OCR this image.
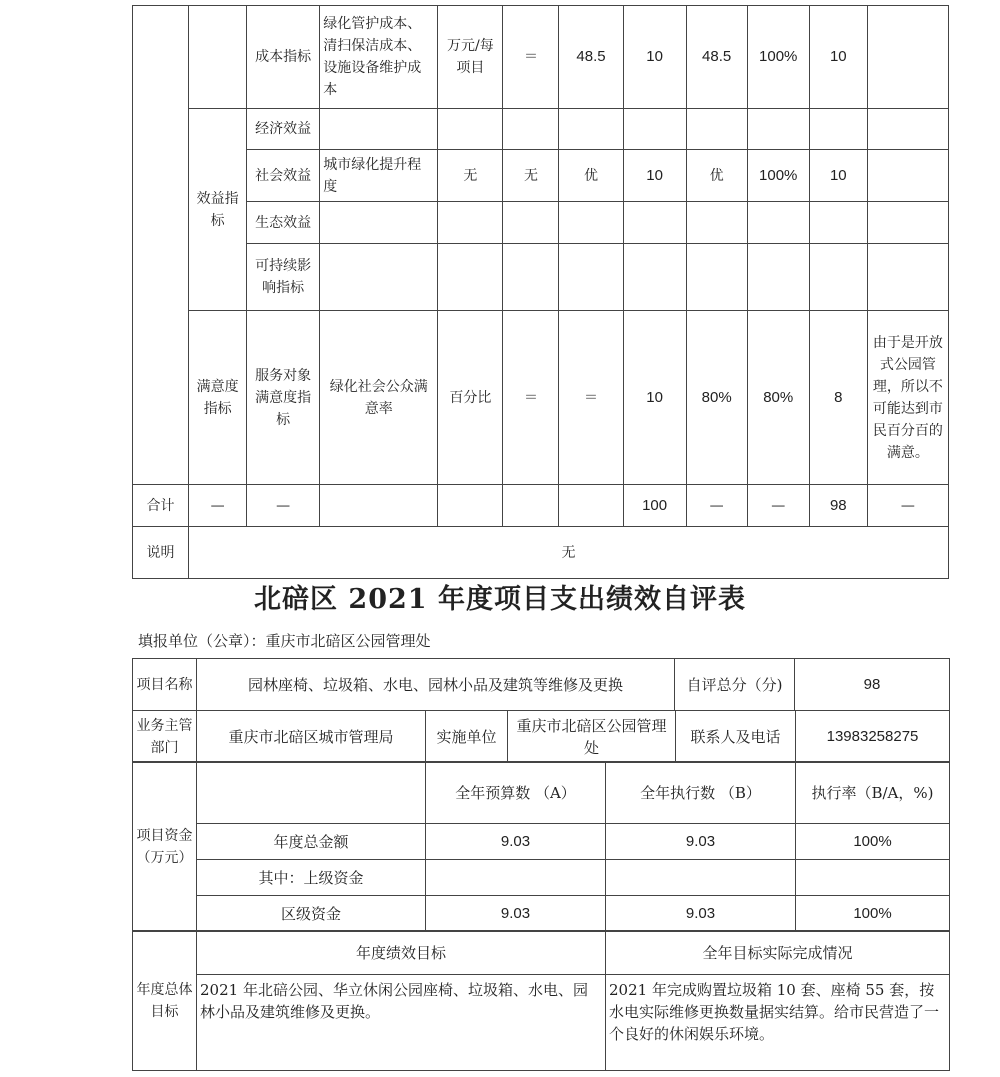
		成本指标	绿化管护成本、清扫保洁成本、设施设备维护成本	万元/每项目	＝	48.5	10	48.5	100%	10	
	效益指标	经济效益									
		社会效益	城市绿化提升程度	无	无	优	10	优	100%	10	
		生态效益									
		可持续影响指标									
	满意度指标	服务对象满意度指标	绿化社会公众满意率	百分比	＝	＝	10	80%	80%	8	由于是开放式公园管理，所以不可能达到市民百分百的满意。
合计	—	—					100	—	—	98	—
说明	无										
北碚区 2021 年度项目支出绩效自评表
填报单位（公章）：重庆市北碚区公园管理处
项目名称	园林座椅、垃圾箱、水电、园林小品及建筑等维修及更换	自评总分（分)	98
业务主管部门	重庆市北碚区城市管理局	实施单位	重庆市北碚区公园管理处	联系人及电话	13983258275
项目资金（万元）		全年预算数 （A）	全年执行数 （B）	执行率（B/A，%)
	年度总金额	9.03	9.03	100%
	其中：上级资金			
	区级资金	9.03	9.03	100%
年度总体目标	年度绩效目标	全年目标实际完成情况
	2021 年北碚公园、华立休闲公园座椅、垃圾箱、水电、园林小品及建筑维修及更换。	2021 年完成购置垃圾箱 10 套、座椅 55 套，按水电实际维修更换数量据实结算。给市民营造了一个良好的休闲娱乐环境。
